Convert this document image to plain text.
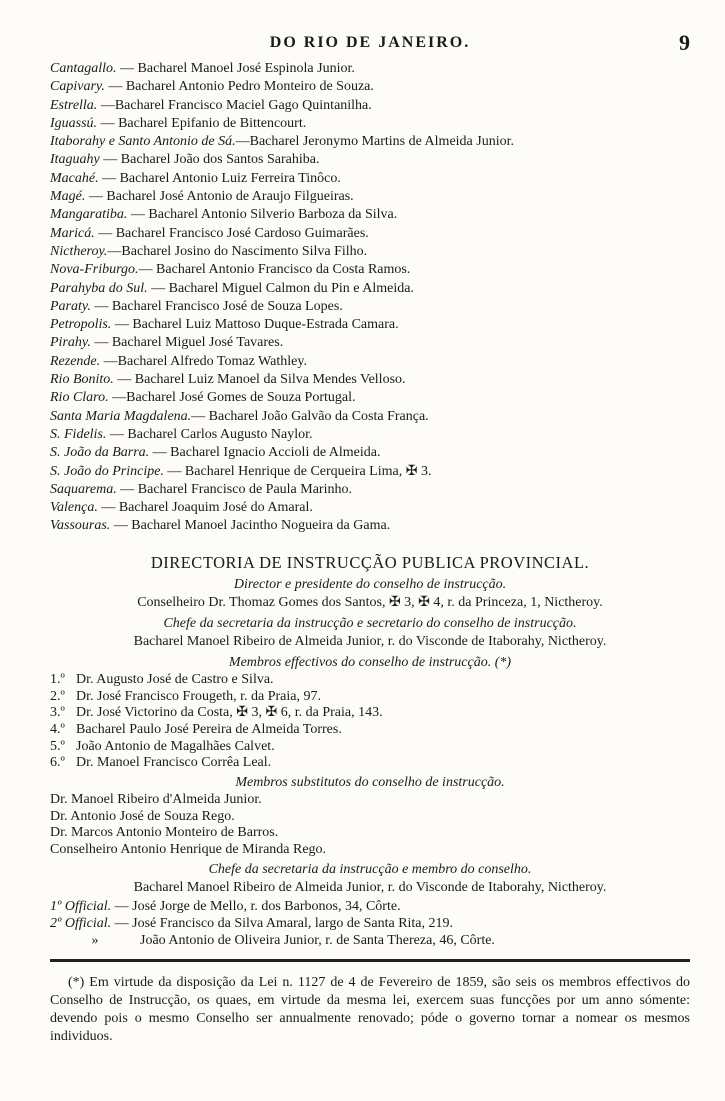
DO RIO DE JANEIRO.	9
Cantagallo. — Bacharel Manoel José Espinola Junior.
Capivary. — Bacharel Antonio Pedro Monteiro de Souza.
Estrella. —Bacharel Francisco Maciel Gago Quintanilha.
Iguassú. — Bacharel Epifanio de Bittencourt.
Itaborahy e Santo Antonio de Sá.—Bacharel Jeronymo Martins de Almeida Junior.
Itaguahy — Bacharel João dos Santos Sarahiba.
Macahé. — Bacharel Antonio Luiz Ferreira Tinôco.
Magé. — Bacharel José Antonio de Araujo Filgueiras.
Mangaratiba. — Bacharel Antonio Silverio Barboza da Silva.
Maricá. — Bacharel Francisco José Cardoso Guimarães.
Nictheroy.—Bacharel Josino do Nascimento Silva Filho.
Nova-Friburgo.— Bacharel Antonio Francisco da Costa Ramos.
Parahyba do Sul. — Bacharel Miguel Calmon du Pin e Almeida.
Paraty. — Bacharel Francisco José de Souza Lopes.
Petropolis. — Bacharel Luiz Mattoso Duque-Estrada Camara.
Pirahy. — Bacharel Miguel José Tavares.
Rezende. —Bacharel Alfredo Tomaz Wathley.
Rio Bonito. — Bacharel Luiz Manoel da Silva Mendes Velloso.
Rio Claro. —Bacharel José Gomes de Souza Portugal.
Santa Maria Magdalena.— Bacharel João Galvão da Costa França.
S. Fidelis. — Bacharel Carlos Augusto Naylor.
S. João da Barra. — Bacharel Ignacio Accioli de Almeida.
S. João do Principe. — Bacharel Henrique de Cerqueira Lima, ✠ 3.
Saquarema. — Bacharel Francisco de Paula Marinho.
Valença. — Bacharel Joaquim José do Amaral.
Vassouras. — Bacharel Manoel Jacintho Nogueira da Gama.
DIRECTORIA DE INSTRUCÇÃO PUBLICA PROVINCIAL.
Director e presidente do conselho de instrucção.
Conselheiro Dr. Thomaz Gomes dos Santos, ✠ 3, ✠ 4, r. da Princeza, 1, Nictheroy.
Chefe da secretaria da instrucção e secretario do conselho de instrucção.
Bacharel Manoel Ribeiro de Almeida Junior, r. do Visconde de Itaborahy, Nictheroy.
Membros effectivos do conselho de instrucção. (*)
1.º Dr. Augusto José de Castro e Silva.
2.º Dr. José Francisco Frougeth, r. da Praia, 97.
3.º Dr. José Victorino da Costa, ✠ 3, ✠ 6, r. da Praia, 143.
4.º Bacharel Paulo José Pereira de Almeida Torres.
5.º João Antonio de Magalhães Calvet.
6.º Dr. Manoel Francisco Corrêa Leal.
Membros substitutos do conselho de instrucção.
Dr. Manoel Ribeiro d'Almeida Junior.
Dr. Antonio José de Souza Rego.
Dr. Marcos Antonio Monteiro de Barros.
Conselheiro Antonio Henrique de Miranda Rego.
Chefe da secretaria da instrucção e membro do conselho.
Bacharel Manoel Ribeiro de Almeida Junior, r. do Visconde de Itaborahy, Nictheroy.
1º Official. — José Jorge de Mello, r. dos Barbonos, 34, Côrte.
2º Official. — José Francisco da Silva Amaral, largo de Santa Rita, 219.
»	João Antonio de Oliveira Junior, r. de Santa Thereza, 46, Côrte.
(*) Em virtude da disposição da Lei n. 1127 de 4 de Fevereiro de 1859, são seis os membros effectivos do Conselho de Instrucção, os quaes, em virtude da mesma lei, exercem suas funcções por um anno sómente: devendo pois o mesmo Conselho ser annualmente renovado; póde o governo tornar a nomear os mesmos individuos.
